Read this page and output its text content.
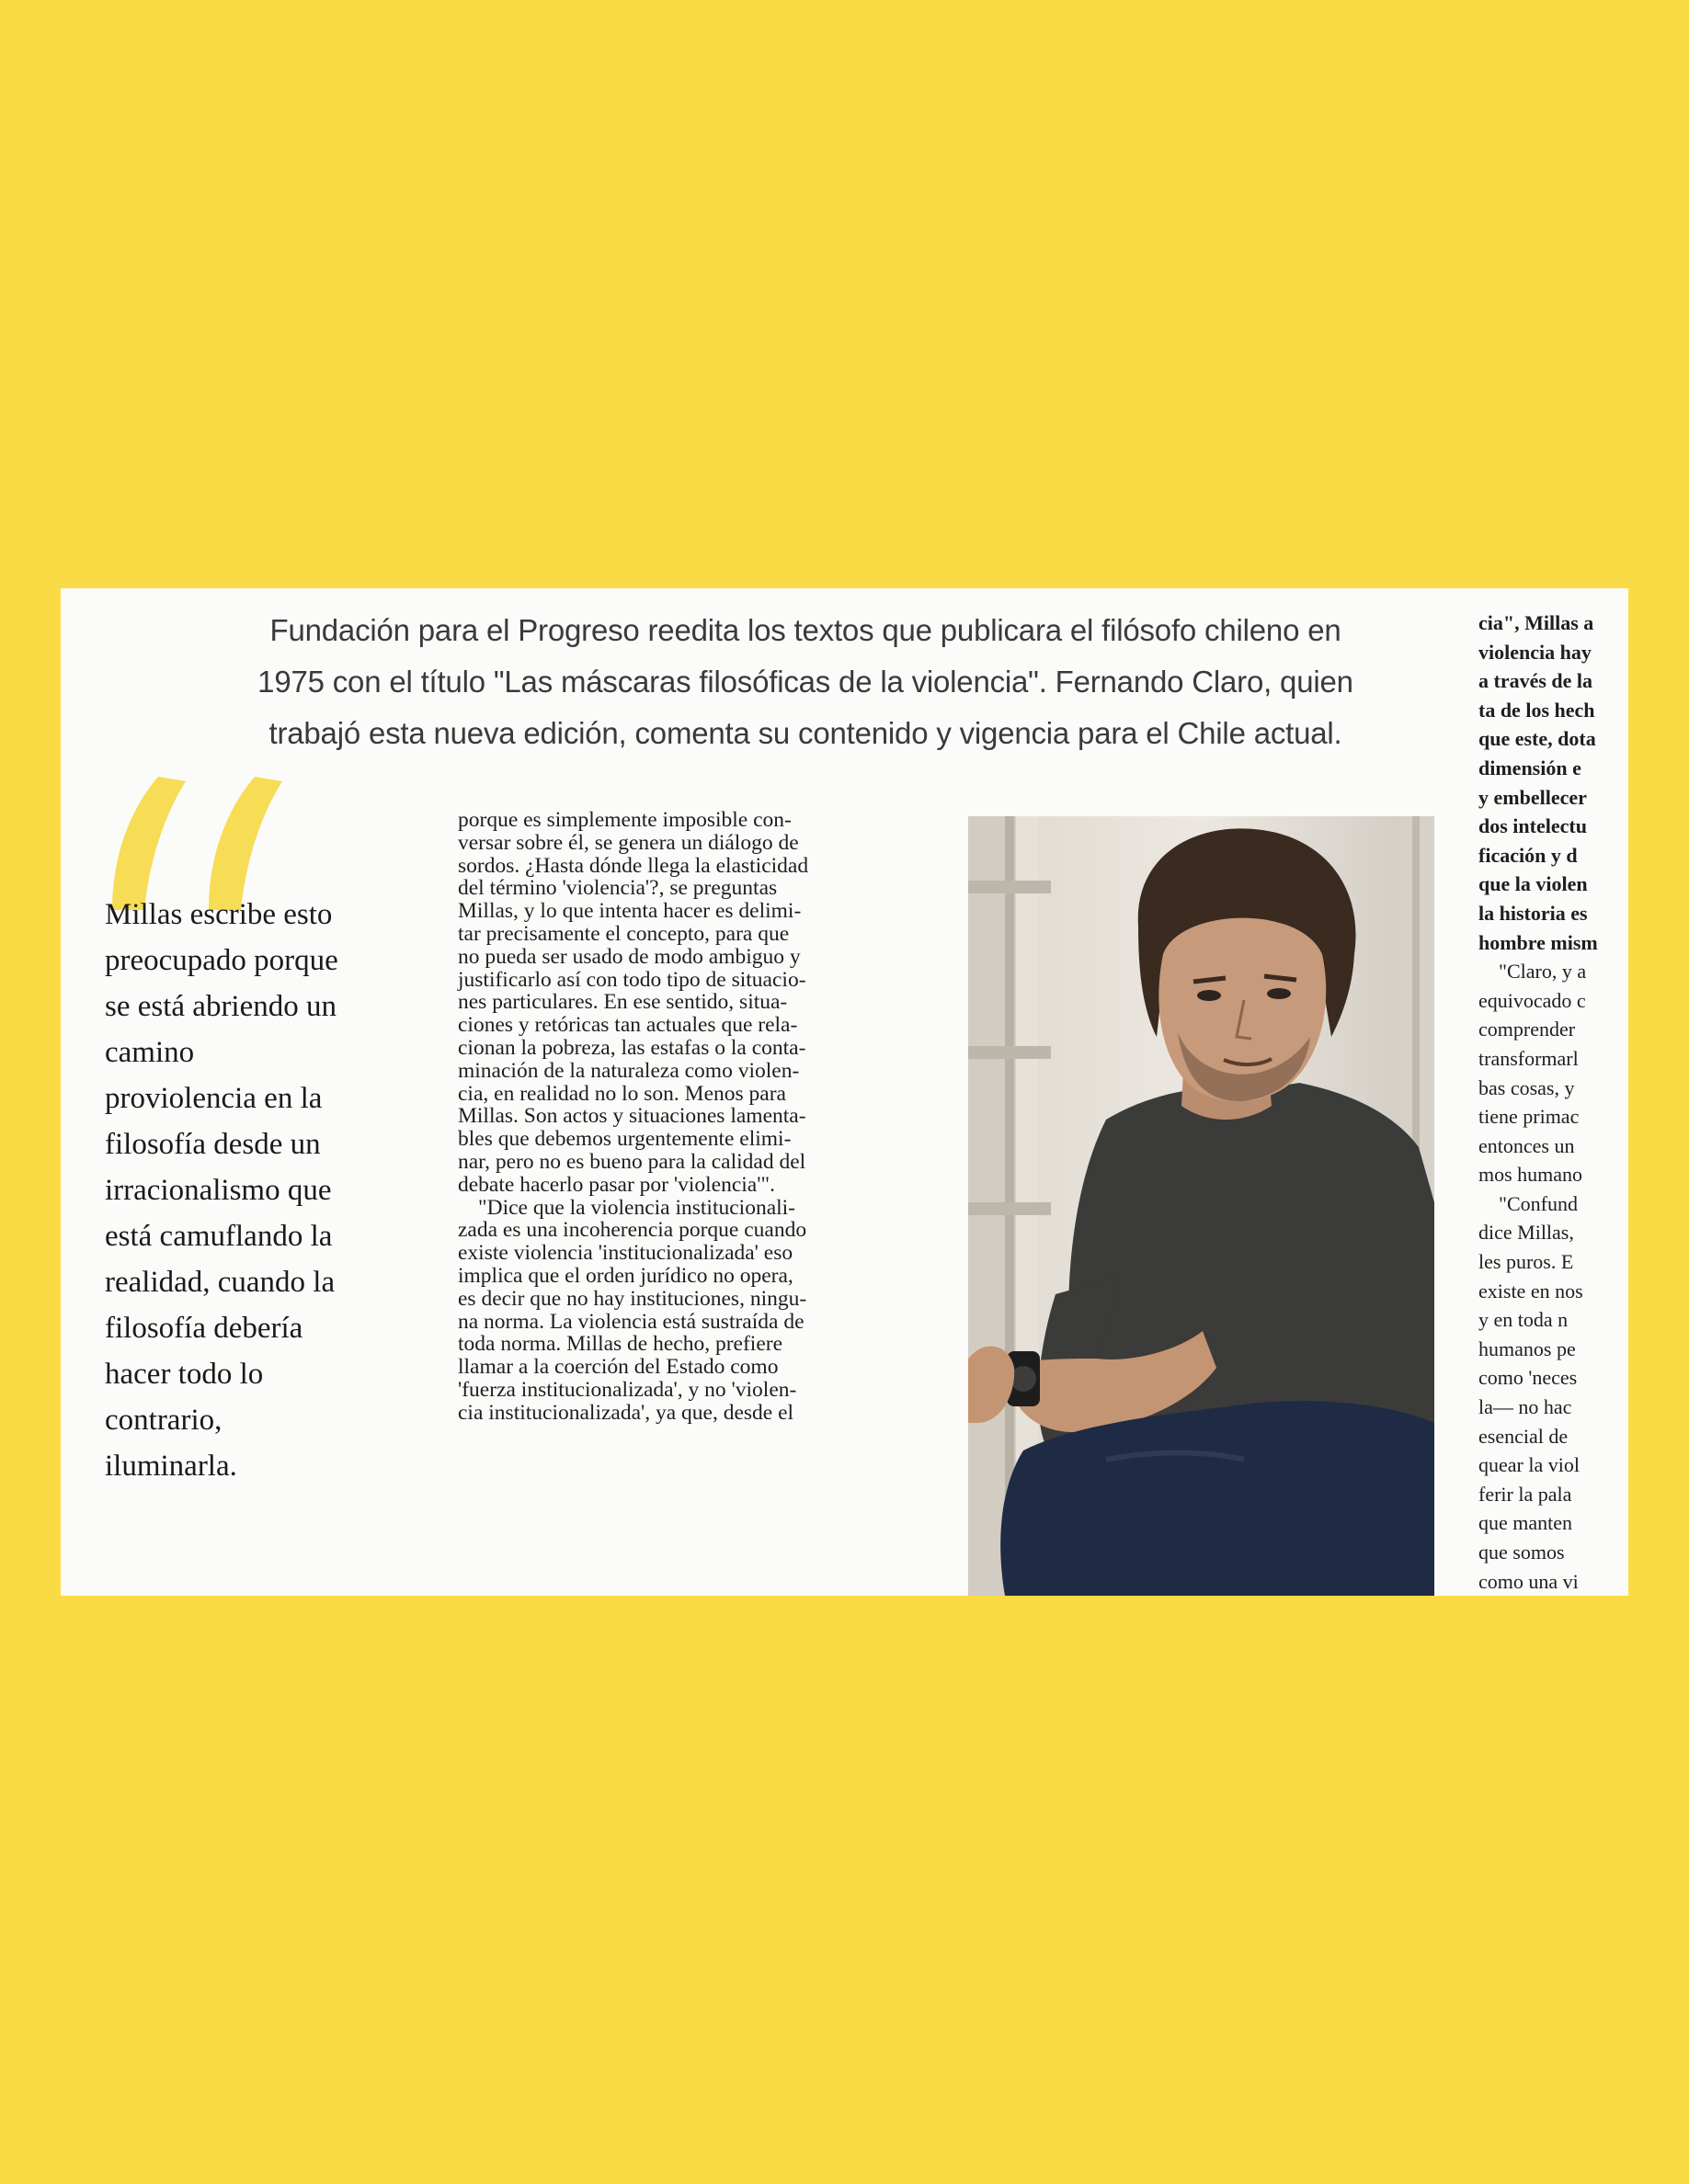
Fundación para el Progreso reedita los textos que publicara el filósofo chileno en
1975 con el título "Las máscaras filosóficas de la violencia". Fernando Claro, quien
trabajó esta nueva edición, comenta su contenido y vigencia para el Chile actual.
Millas escribe esto
preocupado porque
se está abriendo un
camino
proviolencia en la
filosofía desde un
irracionalismo que
está camuflando la
realidad, cuando la
filosofía debería
hacer todo lo
contrario,
iluminarla.
porque es simplemente imposible con-
versar sobre él, se genera un diálogo de
sordos. ¿Hasta dónde llega la elasticidad
del término 'violencia'?, se preguntas
Millas, y lo que intenta hacer es delimi-
tar precisamente el concepto, para que
no pueda ser usado de modo ambiguo y
justificarlo así con todo tipo de situacio-
nes particulares. En ese sentido, situa-
ciones y retóricas tan actuales que rela-
cionan la pobreza, las estafas o la conta-
minación de la naturaleza como violen-
cia, en realidad no lo son. Menos para
Millas. Son actos y situaciones lamenta-
bles que debemos urgentemente elimi-
nar, pero no es bueno para la calidad del
debate hacerlo pasar por 'violencia'".
"Dice que la violencia institucionali-
zada es una incoherencia porque cuando
existe violencia 'institucionalizada' eso
implica que el orden jurídico no opera,
es decir que no hay instituciones, ningu-
na norma. La violencia está sustraída de
toda norma. Millas de hecho, prefiere
llamar a la coerción del Estado como
'fuerza institucionalizada', y no 'violen-
cia institucionalizada', ya que, desde el
cia", Millas a
violencia hay
a través de la
ta de los hech
que este, dota
dimensión e
y embellecer
dos intelectu
ficación y d
que la violen
la historia es
hombre mism
"Claro, y a
equivocado c
comprender
transformarl
bas cosas, y
tiene primac
entonces un
mos humano
"Confund
dice Millas,
les puros. E
existe en nos
y en toda n
humanos pe
como 'neces
la— no hac
esencial de
quear la viol
ferir la pala
que manten
que somos
como una vi
